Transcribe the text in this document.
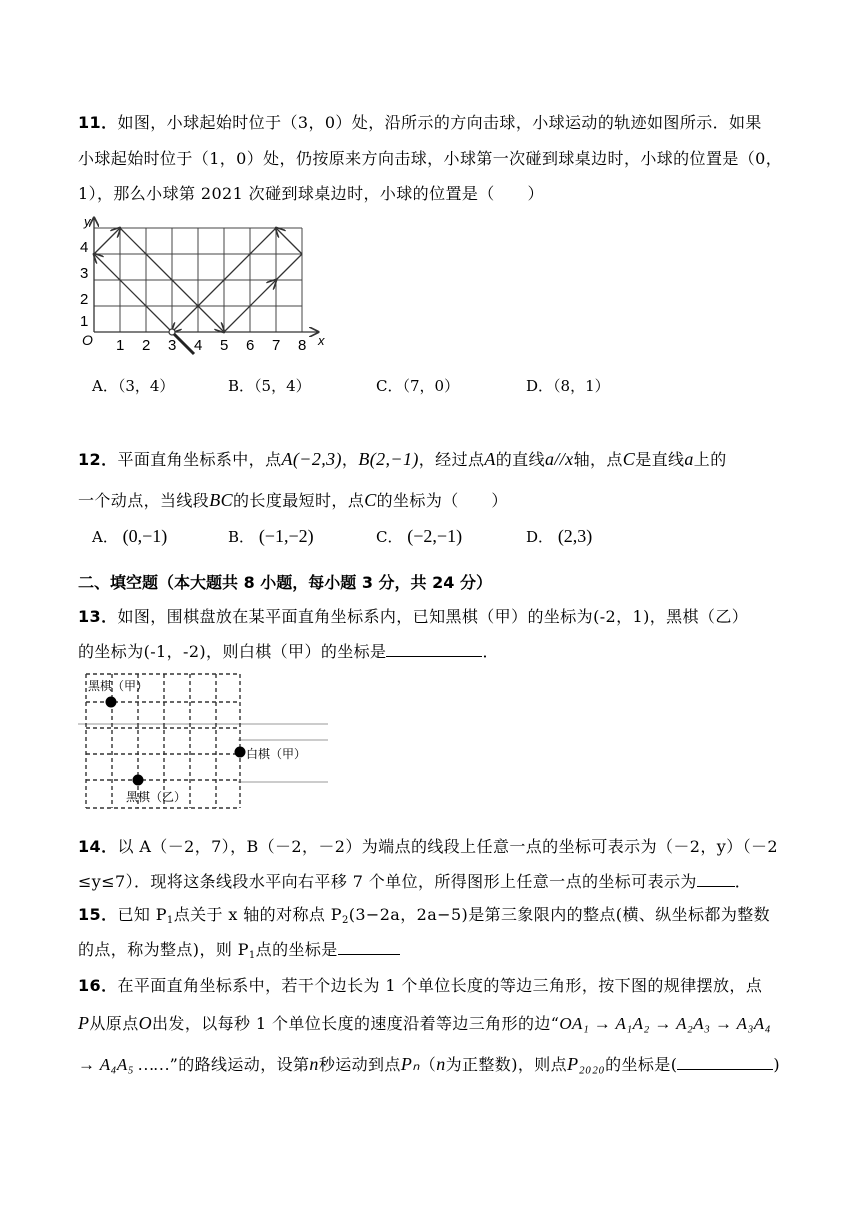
11．如图，小球起始时位于（3，0）处，沿所示的方向击球，小球运动的轨迹如图所示．如果
小球起始时位于（1，0）处，仍按原来方向击球，小球第一次碰到球桌边时，小球的位置是（0，
1），那么小球第 2021 次碰到球桌边时，小球的位置是（　　）
y
O	x
4
3
2
1
1 2 3 4 5 6 7 8
A．（3，4）	B．（5，4）	C．（7，0）	D．（8，1）
12．平面直角坐标系中，点A(−2,3)，B(2,−1)，经过点A的直线a//x轴，点C是直线a上的
一个动点，当线段BC的长度最短时，点C的坐标为（　　）
A． (0,−1)	B． (−1,−2)	C． (−2,−1)	D． (2,3)
二、填空题（本大题共 8 小题，每小题 3 分，共 24 分）
13．如图，围棋盘放在某平面直角坐标系内，已知黑棋（甲）的坐标为(-2，1)，黑棋（乙）
的坐标为(-1，-2)，则白棋（甲）的坐标是	．
黑棋（甲）
白棋（甲）
黑棋（乙）
14．以 A（－2，7），B（－2，－2）为端点的线段上任意一点的坐标可表示为（－2，y）（－2
≤y≤7）．现将这条线段水平向右平移 7 个单位，所得图形上任意一点的坐标可表示为 ．
15．已知 $P_1$点关于 x 轴的对称点 $P_2(3-2a$，2a−5)是第三象限内的整点(横、纵坐标都为整数
的点，称为整点)，则 $P_1$点的坐标是
16．在平面直角坐标系中，若干个边长为 1 个单位长度的等边三角形，按下图的规律摆放，点
P从原点O出发，以每秒 1 个单位长度的速度沿着等边三角形的边“OA₁ → A₁A₂ → A₂A₃ → A₃A₄
→ A₄A₅ ……”的路线运动，设第n秒运动到点Pₙ（n为正整数)，则点P₂₀₂₀的坐标是(	)
